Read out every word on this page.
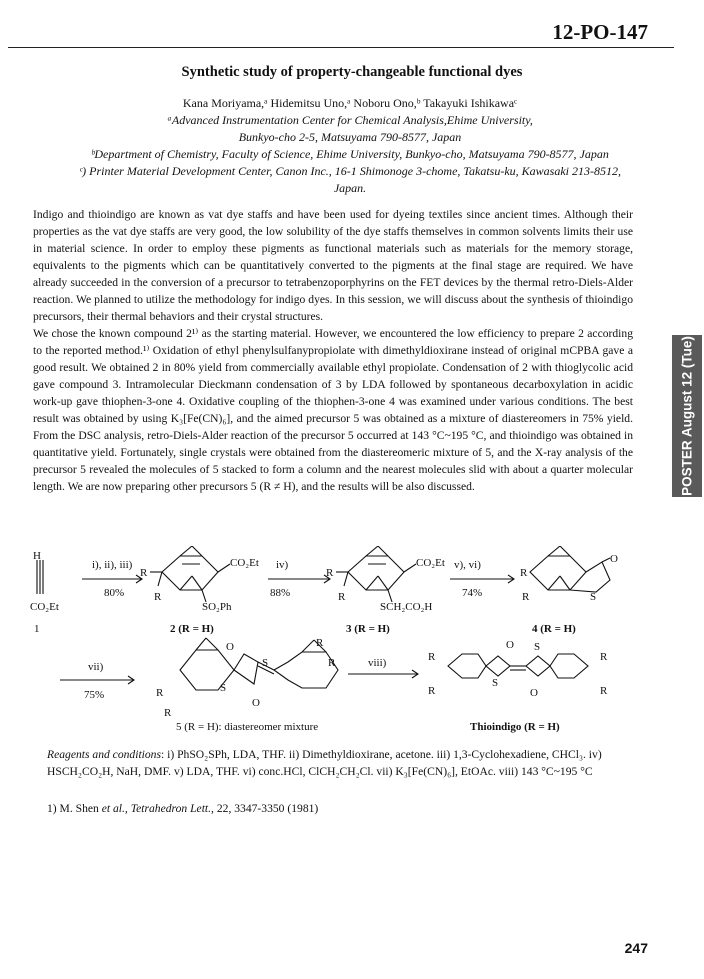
12-PO-147
Synthetic study of property-changeable functional dyes
Kana Moriyama,ᵃ Hidemitsu Uno,ᵃ Noboru Ono,ᵇ Takayuki Ishikawaᶜ
ᵃAdvanced Instrumentation Center for Chemical Analysis,Ehime University,
Bunkyo-cho 2-5, Matsuyama 790-8577, Japan
ᵇDepartment of Chemistry, Faculty of Science, Ehime University, Bunkyo-cho, Matsuyama 790-8577, Japan
ᶜ) Printer Material Development Center, Canon Inc., 16-1 Shimonoge 3-chome, Takatsu-ku, Kawasaki 213-8512,
Japan.

Indigo and thioindigo are known as vat dye staffs and have been used for dyeing textiles since ancient times. Although their properties as the vat dye staffs are very good, the low solubility of the dye staffs themselves in common solvents limits their use in material science. In order to employ these pigments as functional materials such as materials for the memory storage, equivalents to the pigments which can be quantitatively converted to the pigments at the final stage are required. We have already succeeded in the conversion of a precursor to tetrabenzoporphyrins on the FET devices by the thermal retro-Diels-Alder reaction. We planned to utilize the methodology for indigo dyes. In this session, we will discuss about the synthesis of thioindigo precursors, their thermal behaviors and their crystal structures.

We chose the known compound 2¹⁾ as the starting material. However, we encountered the low efficiency to prepare 2 according to the reported method.¹⁾ Oxidation of ethyl phenylsulfanypropiolate with dimethyldioxirane instead of original mCPBA gave a good result. We obtained 2 in 80% yield from commercially available ethyl propiolate. Condensation of 2 with thioglycolic acid gave compound 3. Intramolecular Dieckmann condensation of 3 by LDA followed by spontaneous decarboxylation in acidic work-up gave thiophen-3-one 4. Oxidative coupling of the thiophen-3-one 4 was examined under various conditions. The best result was obtained by using K₃[Fe(CN)₆], and the aimed precursor 5 was obtained as a mixture of diastereomers in 75% yield. From the DSC analysis, retro-Diels-Alder reaction of the precursor 5 occurred at 143 °C~195 °C, and thioindigo was obtained in quantitative yield. Fortunately, single crystals were obtained from the diastereomeric mixture of 5, and the X-ray analysis of the precursor 5 revealed the molecules of 5 stacked to form a column and the nearest molecules slid with about a quarter molecular length. We are now preparing other precursors 5 (R ≠ H), and the results will be also discussed.	POSTER August 12 (Tue)
H
CO₂Et
1
i), ii), iii)
80%
R
R
CO₂Et
SO₂Ph
2 (R = H)
iv)
88%
R
R
CO₂Et
SCH₂CO₂H
3 (R = H)
v), vi)
74%
R
R
O
S
4 (R = H)
vii)
75%	R
R
R
R
O
O
S
S
5 (R = H): diastereomer mixture
viii)	R
R
R
R
O
O
S
S
Thioindigo (R = H)
Reagents and conditions: i) PhSO₂SPh, LDA, THF. ii) Dimethyldioxirane, acetone. iii) 1,3-Cyclohexadiene, CHCl₃. iv) HSCH₂CO₂H, NaH, DMF. v) LDA, THF. vi) conc.HCl, ClCH₂CH₂Cl. vii) K₃[Fe(CN)₆], EtOAc. viii) 143 °C~195 °C
1) M. Shen et al., Tetrahedron Lett., 22, 3347-3350 (1981)
247
